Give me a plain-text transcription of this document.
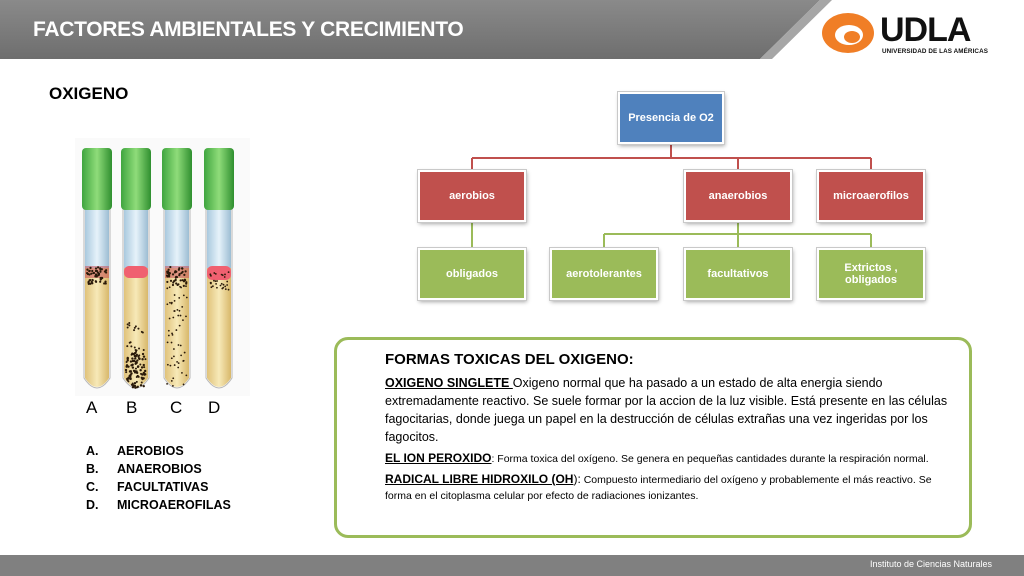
FACTORES AMBIENTALES Y CRECIMIENTO	UDLA
UNIVERSIDAD DE LAS AMÉRICAS
OXIGENO
A B C D
A.	AEROBIOS
B.	ANAEROBIOS
C.	FACULTATIVAS
D.	MICROAEROFILAS
Presencia de O2
aerobios	anaerobios	microaerofilos
obligados	aerotolerantes	facultativos	Extrictos , obligados
FORMAS TOXICAS DEL OXIGENO:

OXIGENO SINGLETE Oxigeno normal que ha pasado a un estado de alta energia siendo extremadamente reactivo. Se suele formar por la accion de la luz visible. Está presente en las células fagocitarias, donde juega un papel en la destrucción de células extrañas una vez ingeridas por los fagocitos.

EL ION PEROXIDO: Forma toxica del oxígeno. Se genera en pequeñas cantidades durante la respiración normal.

RADICAL LIBRE HIDROXILO (OH): Compuesto intermediario del oxígeno y probablemente el más reactivo. Se forma en el citoplasma celular por efecto de radiaciones ionizantes.

Instituto de Ciencias Naturales
